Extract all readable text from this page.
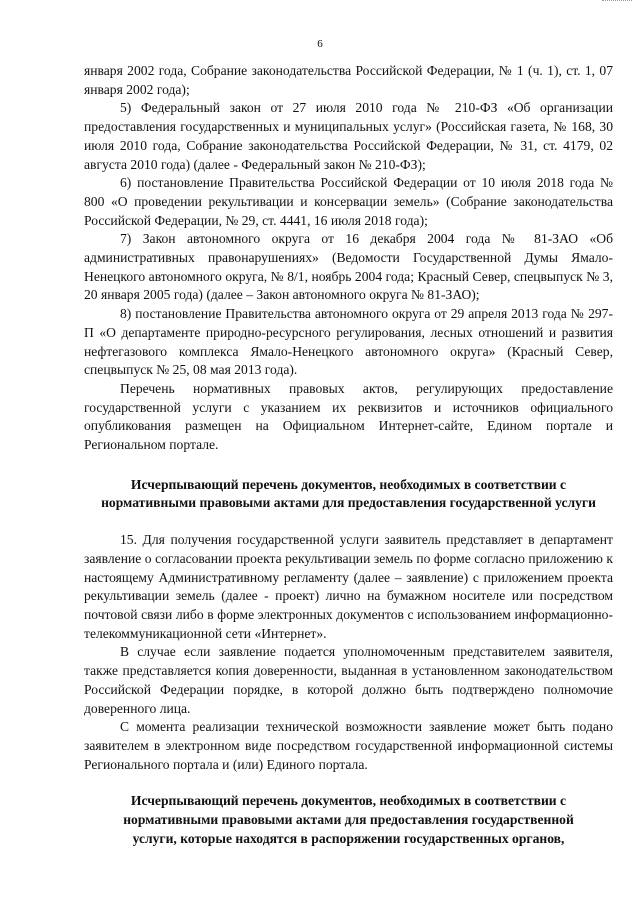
6

января 2002 года, Собрание законодательства Российской Федерации, № 1 (ч. 1), ст. 1, 07 января 2002 года);

5) Федеральный закон от 27 июля 2010 года № 210-ФЗ «Об организации предоставления государственных и муниципальных услуг» (Российская газета, № 168, 30 июля 2010 года, Собрание законодательства Российской Федерации, № 31, ст. 4179, 02 августа 2010 года) (далее - Федеральный закон № 210-ФЗ);

6) постановление Правительства Российской Федерации от 10 июля 2018 года № 800 «О проведении рекультивации и консервации земель» (Собрание законодательства Российской Федерации, № 29, ст. 4441, 16 июля 2018 года);

7) Закон автономного округа от 16 декабря 2004 года № 81-ЗАО «Об административных правонарушениях» (Ведомости Государственной Думы Ямало-Ненецкого автономного округа, № 8/1, ноябрь 2004 года; Красный Север, спецвыпуск № 3, 20 января 2005 года) (далее – Закон автономного округа № 81-ЗАО);

8) постановление Правительства автономного округа от 29 апреля 2013 года № 297-П «О департаменте природно-ресурсного регулирования, лесных отношений и развития нефтегазового комплекса Ямало-Ненецкого автономного округа» (Красный Север, спецвыпуск № 25, 08 мая 2013 года).

Перечень нормативных правовых актов, регулирующих предоставление государственной услуги с указанием их реквизитов и источников официального опубликования размещен на Официальном Интернет-сайте, Едином портале и Региональном портале.

Исчерпывающий перечень документов, необходимых в соответствии с нормативными правовыми актами для предоставления государственной услуги

15. Для получения государственной услуги заявитель представляет в департамент заявление о согласовании проекта рекультивации земель по форме согласно приложению к настоящему Административному регламенту (далее – заявление) с приложением проекта рекультивации земель (далее - проект) лично на бумажном носителе или посредством почтовой связи либо в форме электронных документов с использованием информационно-телекоммуникационной сети «Интернет».

В случае если заявление подается уполномоченным представителем заявителя, также представляется копия доверенности, выданная в установленном законодательством Российской Федерации порядке, в которой должно быть подтверждено полномочие доверенного лица.

С момента реализации технической возможности заявление может быть подано заявителем в электронном виде посредством государственной информационной системы Регионального портала и (или) Единого портала.

Исчерпывающий перечень документов, необходимых в соответствии с нормативными правовыми актами для предоставления государственной услуги, которые находятся в распоряжении государственных органов,
